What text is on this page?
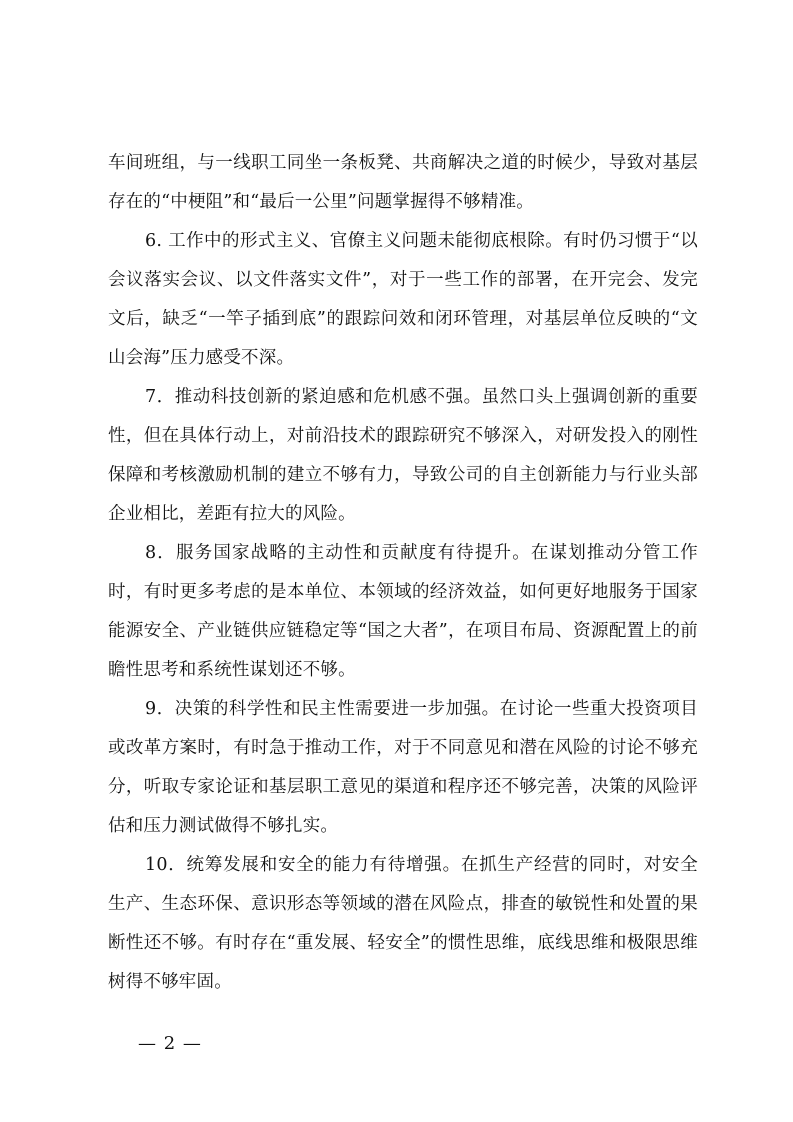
车间班组，与一线职工同坐一条板凳、共商解决之道的时候少，导致对基层存在的“中梗阻”和“最后一公里”问题掌握得不够精准。

6. 工作中的形式主义、官僚主义问题未能彻底根除。有时仍习惯于“以会议落实会议、以文件落实文件”，对于一些工作的部署，在开完会、发完文后，缺乏“一竿子插到底”的跟踪问效和闭环管理，对基层单位反映的“文山会海”压力感受不深。

7．推动科技创新的紧迫感和危机感不强。虽然口头上强调创新的重要性，但在具体行动上，对前沿技术的跟踪研究不够深入，对研发投入的刚性保障和考核激励机制的建立不够有力，导致公司的自主创新能力与行业头部企业相比，差距有拉大的风险。

8．服务国家战略的主动性和贡献度有待提升。在谋划推动分管工作时，有时更多考虑的是本单位、本领域的经济效益，如何更好地服务于国家能源安全、产业链供应链稳定等“国之大者”，在项目布局、资源配置上的前瞻性思考和系统性谋划还不够。

9．决策的科学性和民主性需要进一步加强。在讨论一些重大投资项目或改革方案时，有时急于推动工作，对于不同意见和潜在风险的讨论不够充分，听取专家论证和基层职工意见的渠道和程序还不够完善，决策的风险评估和压力测试做得不够扎实。

10．统筹发展和安全的能力有待增强。在抓生产经营的同时，对安全生产、生态环保、意识形态等领域的潜在风险点，排查的敏锐性和处置的果断性还不够。有时存在“重发展、轻安全”的惯性思维，底线思维和极限思维树得不够牢固。

— 2 —
